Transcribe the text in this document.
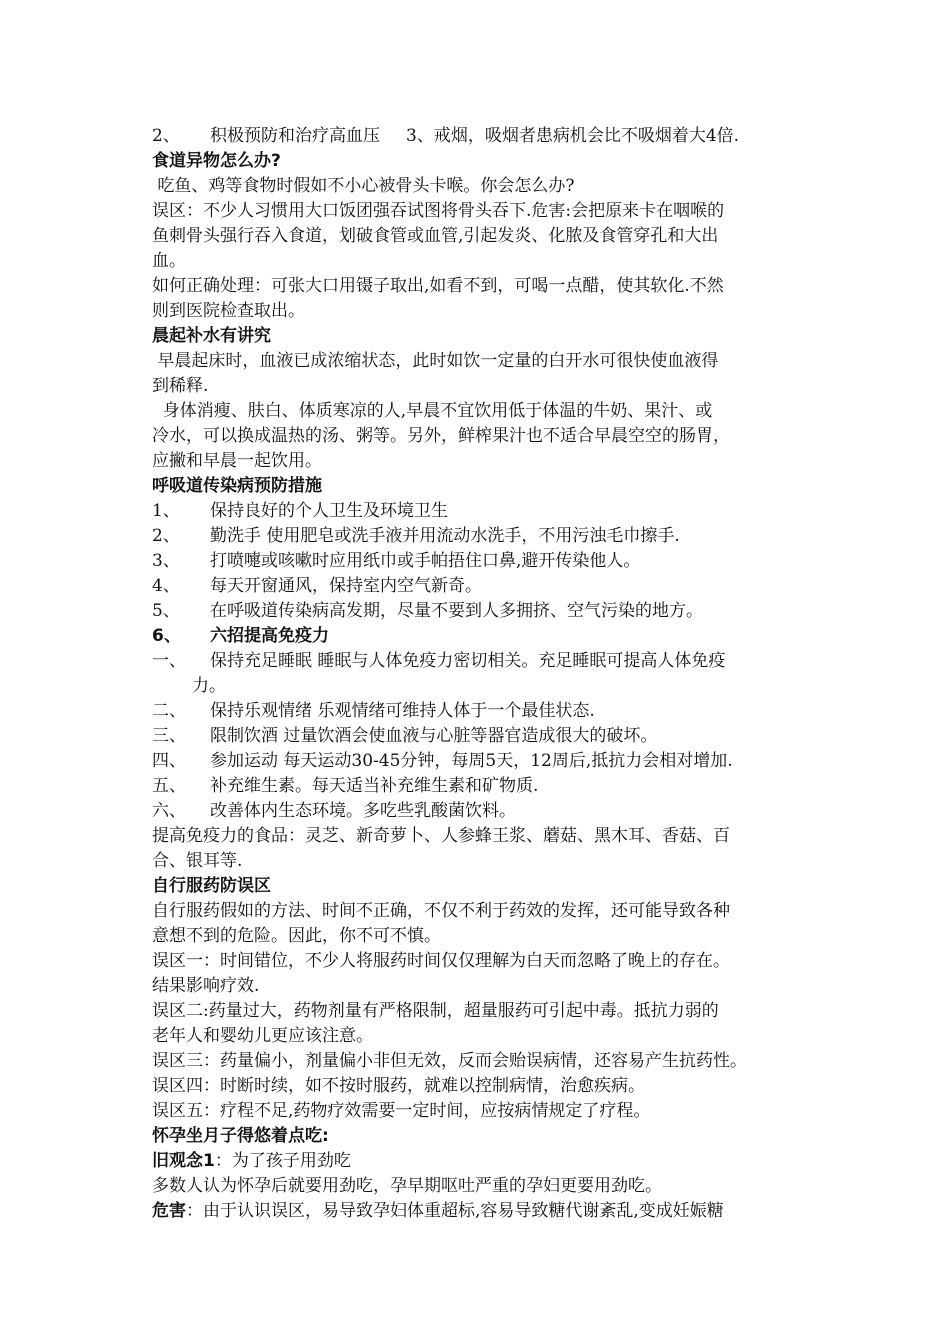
2、 积极预防和治疗高血压 3、戒烟，吸烟者患病机会比不吸烟着大4倍.
食道异物怎么办?
吃鱼、鸡等食物时假如不小心被骨头卡喉。你会怎么办?
误区：不少人习惯用大口饭团强吞试图将骨头吞下.危害:会把原来卡在咽喉的
鱼刺骨头强行吞入食道，划破食管或血管,引起发炎、化脓及食管穿孔和大出
血。
如何正确处理：可张大口用镊子取出,如看不到，可喝一点醋，使其软化.不然
则到医院检查取出。
晨起补水有讲究
早晨起床时，血液已成浓缩状态，此时如饮一定量的白开水可很快使血液得
到稀释.
身体消瘦、肤白、体质寒凉的人,早晨不宜饮用低于体温的牛奶、果汁、或
冷水，可以换成温热的汤、粥等。另外，鲜榨果汁也不适合早晨空空的肠胃，
应撇和早晨一起饮用。
呼吸道传染病预防措施
1、 保持良好的个人卫生及环境卫生
2、 勤洗手 使用肥皂或洗手液并用流动水洗手，不用污浊毛巾擦手.
3、 打喷嚏或咳嗽时应用纸巾或手帕捂住口鼻,避开传染他人。
4、 每天开窗通风，保持室内空气新奇。
5、 在呼吸道传染病高发期，尽量不要到人多拥挤、空气污染的地方。
6、 六招提高免疫力
一、 保持充足睡眠 睡眠与人体免疫力密切相关。充足睡眠可提高人体免疫
力。
二、 保持乐观情绪 乐观情绪可维持人体于一个最佳状态.
三、 限制饮酒 过量饮酒会使血液与心脏等器官造成很大的破坏。
四、 参加运动 每天运动30-45分钟，每周5天，12周后,抵抗力会相对增加.
五、 补充维生素。每天适当补充维生素和矿物质.
六、 改善体内生态环境。多吃些乳酸菌饮料。
提高免疫力的食品：灵芝、新奇萝卜、人参蜂王浆、蘑菇、黑木耳、香菇、百
合、银耳等.
自行服药防误区
自行服药假如的方法、时间不正确，不仅不利于药效的发挥，还可能导致各种
意想不到的危险。因此，你不可不慎。
误区一：时间错位，不少人将服药时间仅仅理解为白天而忽略了晚上的存在。
结果影响疗效.
误区二:药量过大，药物剂量有严格限制，超量服药可引起中毒。抵抗力弱的
老年人和婴幼儿更应该注意。
误区三：药量偏小，剂量偏小非但无效，反而会贻误病情，还容易产生抗药性。
误区四：时断时续，如不按时服药，就难以控制病情，治愈疾病。
误区五：疗程不足,药物疗效需要一定时间，应按病情规定了疗程。
怀孕坐月子得悠着点吃:
旧观念1：为了孩子用劲吃
多数人认为怀孕后就要用劲吃，孕早期呕吐严重的孕妇更要用劲吃。
危害：由于认识误区，易导致孕妇体重超标,容易导致糖代谢紊乱,变成妊娠糖
